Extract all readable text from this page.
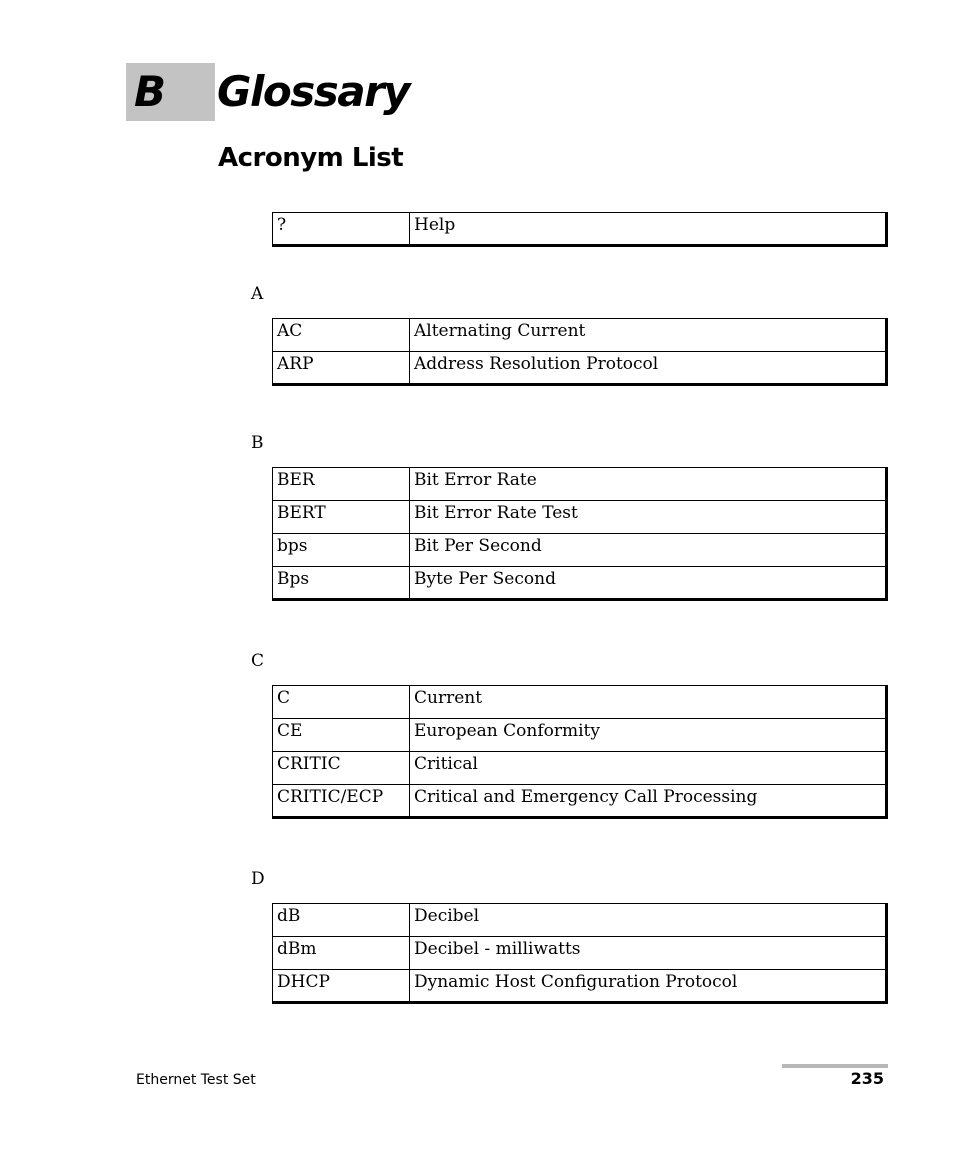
B Glossary
Acronym List
?	Help
A
AC	Alternating Current
ARP	Address Resolution Protocol
B
BER	Bit Error Rate
BERT	Bit Error Rate Test
bps	Bit Per Second
Bps	Byte Per Second
C
C	Current
CE	European Conformity
CRITIC	Critical
CRITIC/ECP	Critical and Emergency Call Processing
D
dB	Decibel
dBm	Decibel - milliwatts
DHCP	Dynamic Host Configuration Protocol
Ethernet Test Set	235
